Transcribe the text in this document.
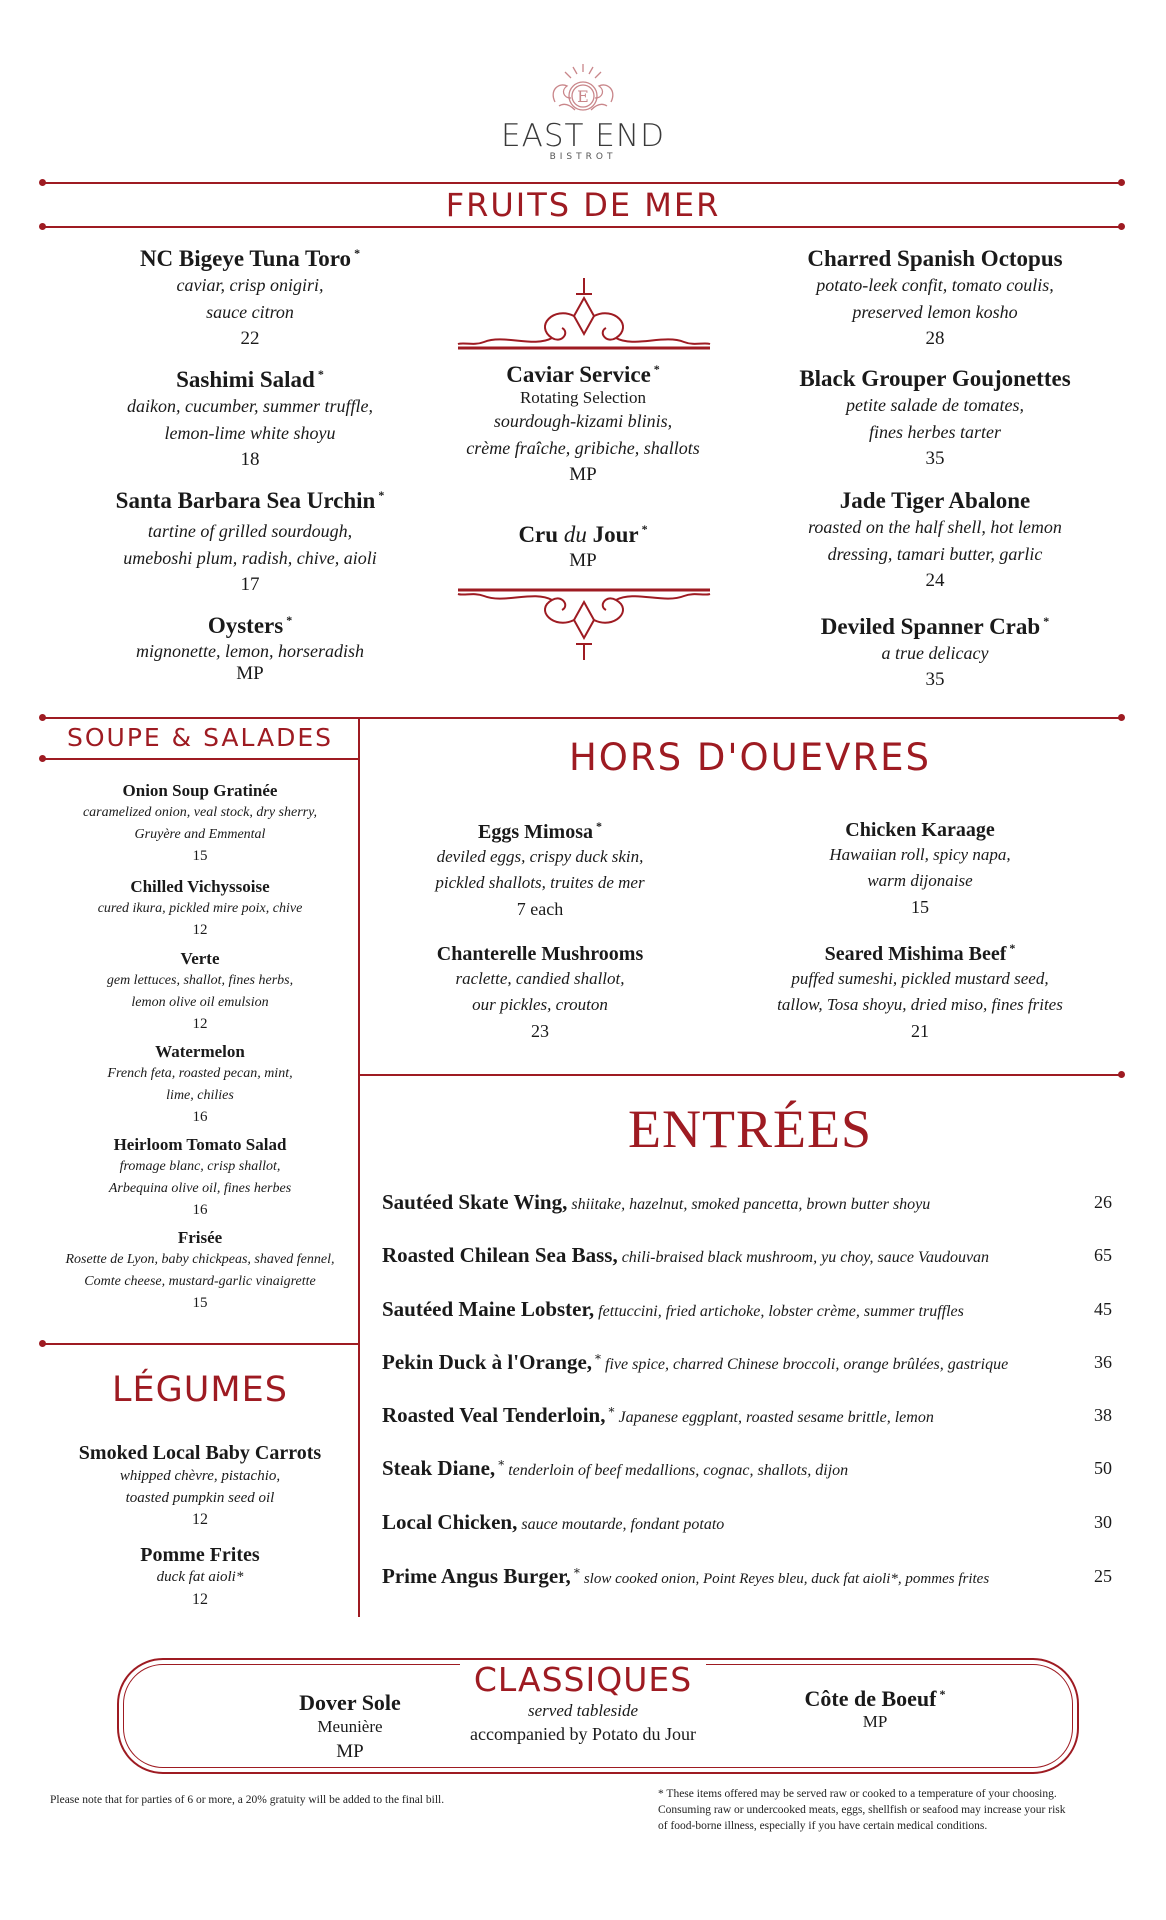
E
EAST END
BISTROT
FRUITS DE MER
NC Bigeye Tuna Toro *
caviar, crisp onigiri,
sauce citron
22
Sashimi Salad *
daikon, cucumber, summer truffle,
lemon-lime white shoyu
18
Santa Barbara Sea Urchin *
tartine of grilled sourdough,
umeboshi plum, radish, chive, aioli
17
Oysters *
mignonette, lemon, horseradish
MP
Caviar Service *
Rotating Selection
sourdough-kizami blinis,
crème fraîche, gribiche, shallots
MP
Cru du Jour *
MP
Charred Spanish Octopus
potato-leek confit, tomato coulis,
preserved lemon kosho
28
Black Grouper Goujonettes
petite salade de tomates,
fines herbes tarter
35
Jade Tiger Abalone
roasted on the half shell, hot lemon
dressing, tamari butter, garlic
24
Deviled Spanner Crab *
a true delicacy
35
SOUPE & SALADES
Onion Soup Gratinée
caramelized onion, veal stock, dry sherry,
Gruyère and Emmental
15
Chilled Vichyssoise
cured ikura, pickled mire poix, chive
12
Verte
gem lettuces, shallot, fines herbs,
lemon olive oil emulsion
12
Watermelon
French feta, roasted pecan, mint,
lime, chilies
16
Heirloom Tomato Salad
fromage blanc, crisp shallot,
Arbequina olive oil, fines herbes
16
Frisée
Rosette de Lyon, baby chickpeas, shaved fennel,
Comte cheese, mustard-garlic vinaigrette
15
LÉGUMES
Smoked Local Baby Carrots
whipped chèvre, pistachio,
toasted pumpkin seed oil
12
Pomme Frites
duck fat aioli*
12
HORS D'OUEVRES
Eggs Mimosa *
deviled eggs, crispy duck skin,
pickled shallots, truites de mer
7 each
Chicken Karaage
Hawaiian roll, spicy napa,
warm dijonaise
15
Chanterelle Mushrooms
raclette, candied shallot,
our pickles, crouton
23
Seared Mishima Beef *
puffed sumeshi, pickled mustard seed,
tallow, Tosa shoyu, dried miso, fines frites
21
ENTRÉES
Sautéed Skate Wing, shiitake, hazelnut, smoked pancetta, brown butter shoyu	26
Roasted Chilean Sea Bass, chili-braised black mushroom, yu choy, sauce Vaudouvan	65
Sautéed Maine Lobster, fettuccini, fried artichoke, lobster crème, summer truffles	45
Pekin Duck à l'Orange, * five spice, charred Chinese broccoli, orange brûlées, gastrique	36
Roasted Veal Tenderloin, * Japanese eggplant, roasted sesame brittle, lemon	38
Steak Diane, * tenderloin of beef medallions, cognac, shallots, dijon	50
Local Chicken, sauce moutarde, fondant potato	30
Prime Angus Burger, * slow cooked onion, Point Reyes bleu, duck fat aioli*, pommes frites	25
CLASSIQUES
served tableside
accompanied by Potato du Jour
Dover Sole
Meunière
MP
Côte de Boeuf *
MP
Please note that for parties of 6 or more, a 20% gratuity will be added to the final bill.	* These items offered may be served raw or cooked to a temperature of your choosing.
Consuming raw or undercooked meats, eggs, shellfish or seafood may increase your risk
of food-borne illness, especially if you have certain medical conditions.
